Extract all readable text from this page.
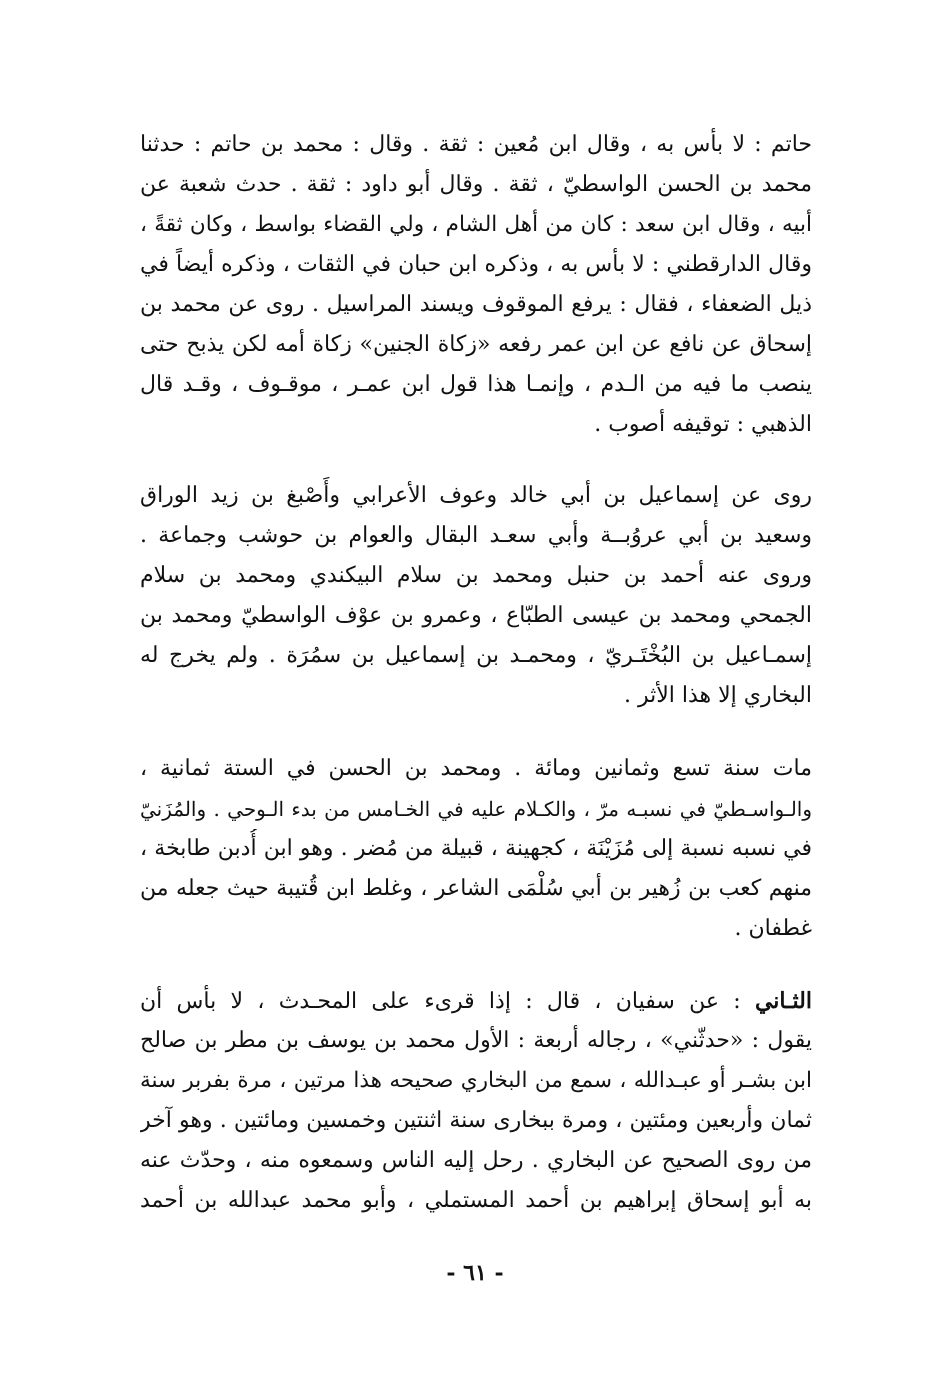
حاتم : لا بأس به ، وقال ابن مُعين : ثقة . وقال : محمد بن حاتم : حدثنا
محمد بن الحسن الواسطيّ ، ثقة . وقال أبو داود : ثقة . حدث شعبة عن
أبيه ، وقال ابن سعد : كان من أهل الشام ، ولي القضاء بواسط ، وكان ثقةً ،
وقال الدارقطني : لا بأس به ، وذكره ابن حبان في الثقات ، وذكره أيضاً في
ذيل الضعفاء ، فقال : يرفع الموقوف ويسند المراسيل . روى عن محمد بن
إسحاق عن نافع عن ابن عمر رفعه «زكاة الجنين» زكاة أمه لكن يذبح حتى
ينصب ما فيه من الـدم ، وإنمـا هذا قول ابن عمـر ، موقـوف ، وقـد قال
الذهبي : توقيفه أصوب .
روى عن إسماعيل بن أبي خالد وعوف الأعرابي وأَصْبغ بن زيد الوراق
وسعيد بن أبي عروُبــة وأبي سعـد البقال والعوام بن حوشب وجماعة .
وروى عنه أحمد بن حنبل ومحمد بن سلام البيكندي ومحمد بن سلام
الجمحي ومحمد بن عيسى الطبّاع ، وعمرو بن عوْف الواسطيّ ومحمد بن
إسمـاعيل بن البُخْتَـريّ ، ومحمـد بن إسماعيل بن سمُرَة . ولم يخرج له
البخاري إلا هذا الأثر .
مات سنة تسع وثمانين ومائة . ومحمد بن الحسن في الستة ثمانية ،
والـواسـطيّ في نسبـه مرّ ، والكـلام عليه في الخـامس من بدء الـوحي . والمُزَنيّ
في نسبه نسبة إلى مُزَيْنَة ، كجهينة ، قبيلة من مُضر . وهو ابن أُدبن طابخة ،
منهم كعب بن زُهير بن أبي سُلْمَى الشاعر ، وغلط ابن قُتيبة حيث جعله من
غطفان .
الثـاني : عن سفيان ، قال : إذا قرىء على المحـدث ، لا بأس أن
يقول : «حدثّني» ، رجاله أربعة : الأول محمد بن يوسف بن مطر بن صالح
ابن بشـر أو عبـدالله ، سمع من البخاري صحيحه هذا مرتين ، مرة بفربر سنة
ثمان وأربعين ومئتين ، ومرة ببخارى سنة اثنتين وخمسين ومائتين . وهو آخر
من روى الصحيح عن البخاري . رحل إليه الناس وسمعوه منه ، وحدّث عنه
به أبو إسحاق إبراهيم بن أحمد المستملي ، وأبو محمد عبدالله بن أحمد
- ٦١ -
